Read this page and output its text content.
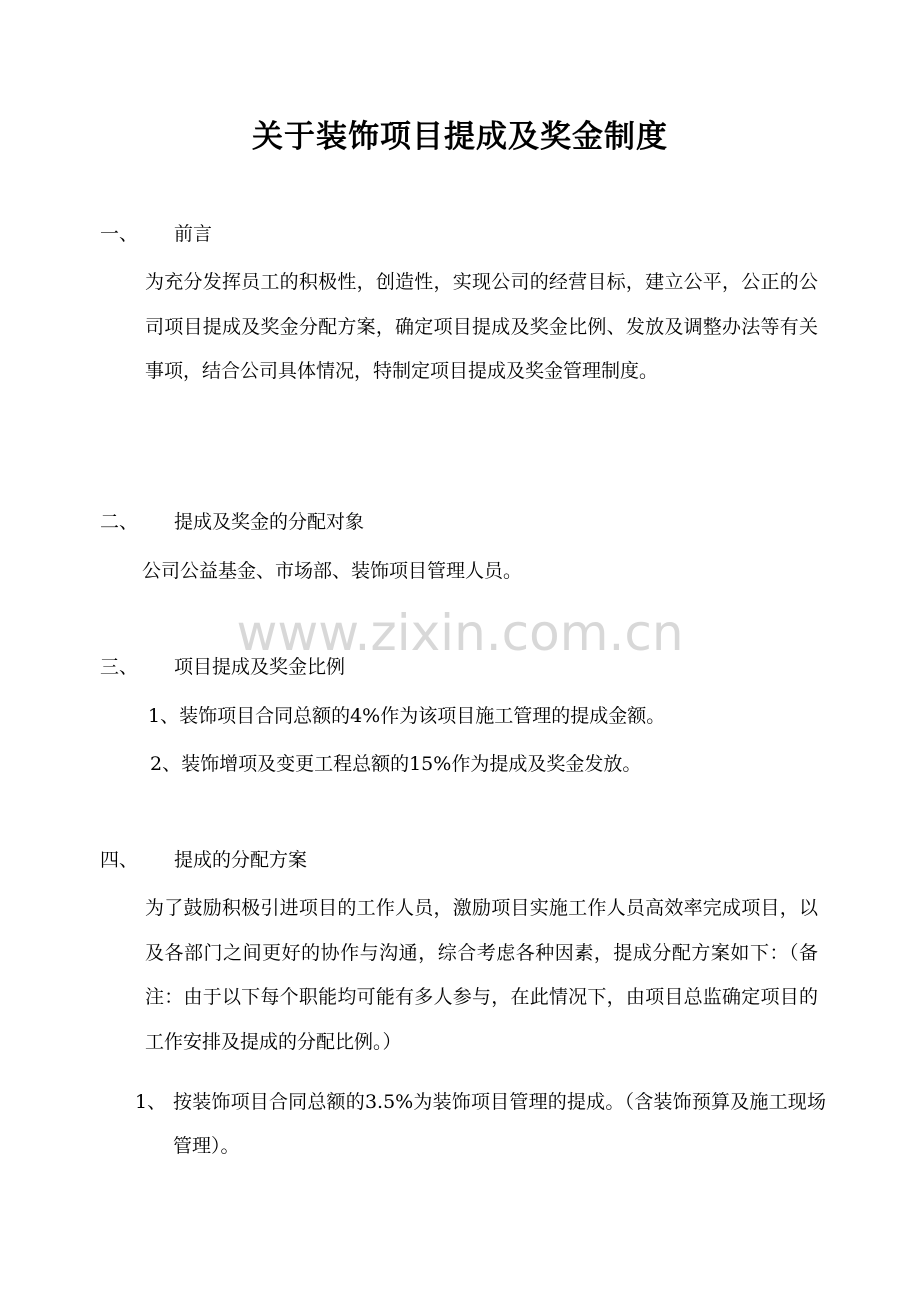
www.zixin.com.cn
关于装饰项目提成及奖金制度
一、 前言

为充分发挥员工的积极性，创造性，实现公司的经营目标，建立公平，公正的公司项目提成及奖金分配方案，确定项目提成及奖金比例、发放及调整办法等有关事项，结合公司具体情况，特制定项目提成及奖金管理制度。

二、 提成及奖金的分配对象
公司公益基金、市场部、装饰项目管理人员。
三、 项目提成及奖金比例
1、装饰项目合同总额的4%作为该项目施工管理的提成金额。
2、装饰增项及变更工程总额的15%作为提成及奖金发放。
四、 提成的分配方案

为了鼓励积极引进项目的工作人员，激励项目实施工作人员高效率完成项目，以及各部门之间更好的协作与沟通，综合考虑各种因素，提成分配方案如下：（备注：由于以下每个职能均可能有多人参与，在此情况下，由项目总监确定项目的工作安排及提成的分配比例。）

1、 按装饰项目合同总额的3.5%为装饰项目管理的提成。（含装饰预算及施工现场管理）。
